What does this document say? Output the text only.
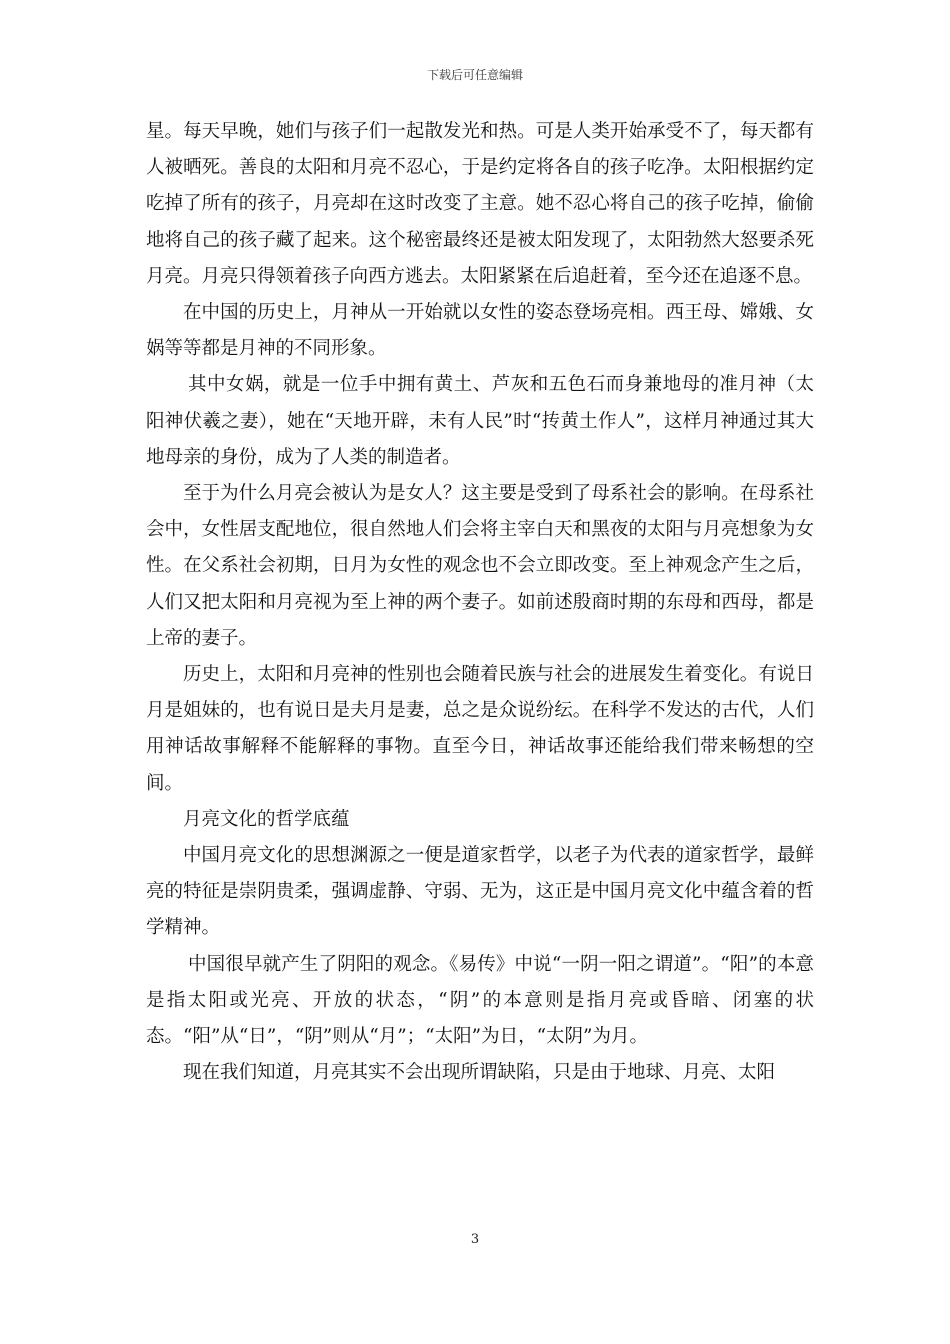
下载后可任意编辑

星。每天早晚，她们与孩子们一起散发光和热。可是人类开始承受不了，每天都有人被晒死。善良的太阳和月亮不忍心，于是约定将各自的孩子吃净。太阳根据约定吃掉了所有的孩子，月亮却在这时改变了主意。她不忍心将自己的孩子吃掉，偷偷地将自己的孩子藏了起来。这个秘密最终还是被太阳发现了，太阳勃然大怒要杀死月亮。月亮只得领着孩子向西方逃去。太阳紧紧在后追赶着，至今还在追逐不息。

在中国的历史上，月神从一开始就以女性的姿态登场亮相。西王母、嫦娥、女娲等等都是月神的不同形象。

其中女娲，就是一位手中拥有黄土、芦灰和五色石而身兼地母的准月神（太阳神伏羲之妻），她在“天地开辟，未有人民”时“抟黄土作人”，这样月神通过其大地母亲的身份，成为了人类的制造者。

至于为什么月亮会被认为是女人？这主要是受到了母系社会的影响。在母系社会中，女性居支配地位，很自然地人们会将主宰白天和黑夜的太阳与月亮想象为女性。在父系社会初期，日月为女性的观念也不会立即改变。至上神观念产生之后，人们又把太阳和月亮视为至上神的两个妻子。如前述殷商时期的东母和西母，都是上帝的妻子。

历史上，太阳和月亮神的性别也会随着民族与社会的进展发生着变化。有说日月是姐妹的，也有说日是夫月是妻，总之是众说纷纭。在科学不发达的古代，人们用神话故事解释不能解释的事物。直至今日，神话故事还能给我们带来畅想的空间。

月亮文化的哲学底蕴

中国月亮文化的思想渊源之一便是道家哲学，以老子为代表的道家哲学，最鲜亮的特征是崇阴贵柔，强调虚静、守弱、无为，这正是中国月亮文化中蕴含着的哲学精神。

中国很早就产生了阴阳的观念。《易传》中说“一阴一阳之谓道”。“阳”的本意是指太阳或光亮、开放的状态，“阴”的本意则是指月亮或昏暗、闭塞的状态。“阳”从“日”，“阴”则从“月”；“太阳”为日，“太阴”为月。

现在我们知道，月亮其实不会出现所谓缺陷，只是由于地球、月亮、太阳

3
